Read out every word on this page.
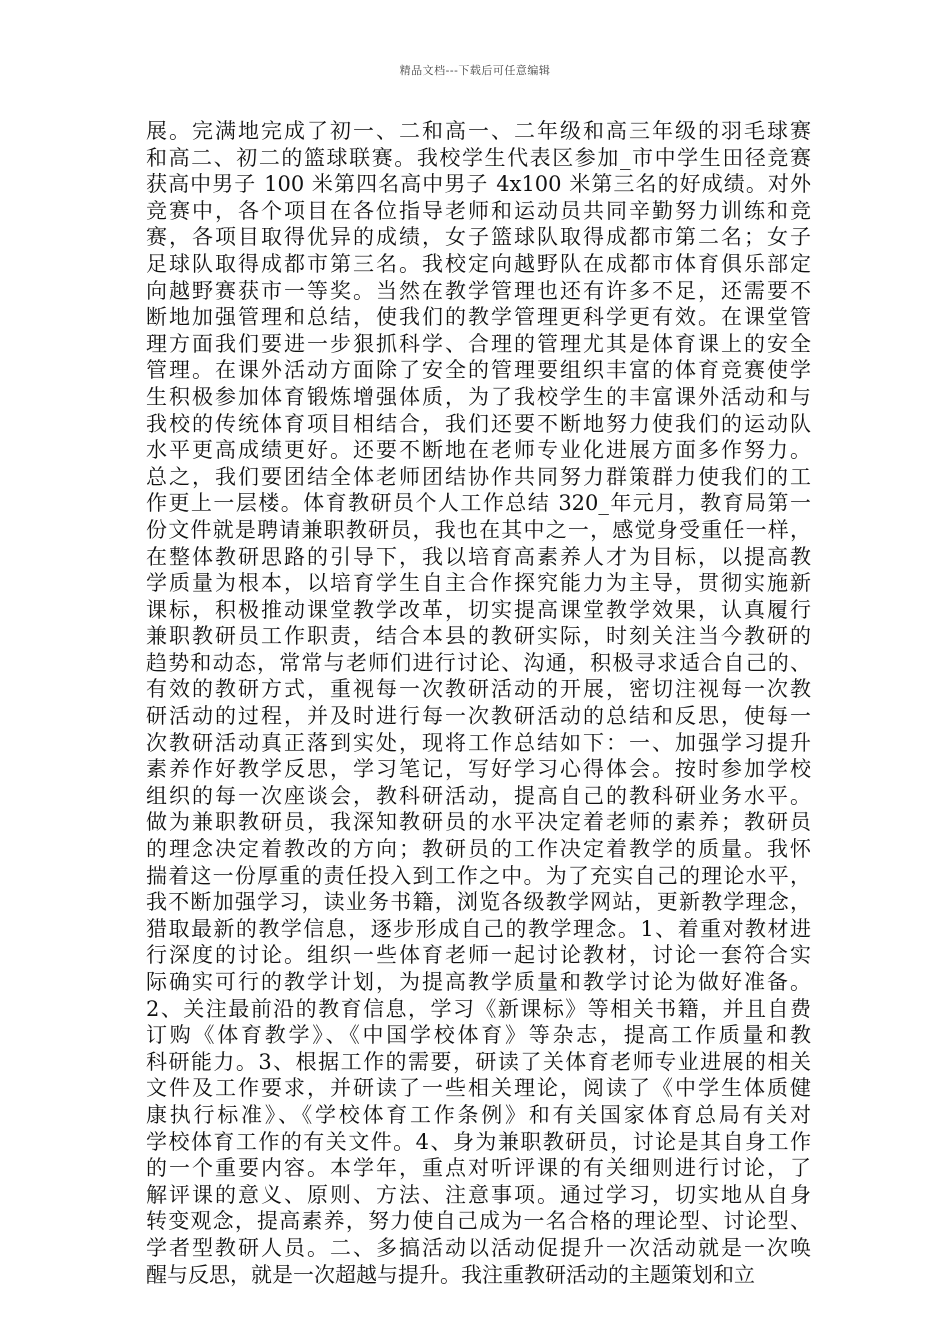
精品文档---下载后可任意编辑
展。完满地完成了初一、二和高一、二年级和高三年级的羽毛球赛
和高二、初二的篮球联赛。我校学生代表区参加_市中学生田径竞赛
获高中男子 100 米第四名高中男子 4x100 米第三名的好成绩。对外
竞赛中，各个项目在各位指导老师和运动员共同辛勤努力训练和竞
赛，各项目取得优异的成绩，女子篮球队取得成都市第二名；女子
足球队取得成都市第三名。我校定向越野队在成都市体育俱乐部定
向越野赛获市一等奖。当然在教学管理也还有许多不足，还需要不
断地加强管理和总结，使我们的教学管理更科学更有效。在课堂管
理方面我们要进一步狠抓科学、合理的管理尤其是体育课上的安全
管理。在课外活动方面除了安全的管理要组织丰富的体育竞赛使学
生积极参加体育锻炼增强体质，为了我校学生的丰富课外活动和与
我校的传统体育项目相结合，我们还要不断地努力使我们的运动队
水平更高成绩更好。还要不断地在老师专业化进展方面多作努力。
总之，我们要团结全体老师团结协作共同努力群策群力使我们的工
作更上一层楼。体育教研员个人工作总结 320_年元月，教育局第一
份文件就是聘请兼职教研员，我也在其中之一，感觉身受重任一样，
在整体教研思路的引导下，我以培育高素养人才为目标，以提高教
学质量为根本，以培育学生自主合作探究能力为主导，贯彻实施新
课标，积极推动课堂教学改革，切实提高课堂教学效果，认真履行
兼职教研员工作职责，结合本县的教研实际，时刻关注当今教研的
趋势和动态，常常与老师们进行讨论、沟通，积极寻求适合自己的、
有效的教研方式，重视每一次教研活动的开展，密切注视每一次教
研活动的过程，并及时进行每一次教研活动的总结和反思，使每一
次教研活动真正落到实处，现将工作总结如下：一、加强学习提升
素养作好教学反思，学习笔记，写好学习心得体会。按时参加学校
组织的每一次座谈会，教科研活动，提高自己的教科研业务水平。
做为兼职教研员，我深知教研员的水平决定着老师的素养；教研员
的理念决定着教改的方向；教研员的工作决定着教学的质量。我怀
揣着这一份厚重的责任投入到工作之中。为了充实自己的理论水平，
我不断加强学习，读业务书籍，浏览各级教学网站，更新教学理念，
猎取最新的教学信息，逐步形成自己的教学理念。1、着重对教材进
行深度的讨论。组织一些体育老师一起讨论教材，讨论一套符合实
际确实可行的教学计划，为提高教学质量和教学讨论为做好准备。
2、关注最前沿的教育信息，学习《新课标》等相关书籍，并且自费
订购《体育教学》、《中国学校体育》等杂志，提高工作质量和教
科研能力。3、根据工作的需要，研读了关体育老师专业进展的相关
文件及工作要求，并研读了一些相关理论，阅读了《中学生体质健
康执行标准》、《学校体育工作条例》和有关国家体育总局有关对
学校体育工作的有关文件。4、身为兼职教研员，讨论是其自身工作
的一个重要内容。本学年，重点对听评课的有关细则进行讨论，了
解评课的意义、原则、方法、注意事项。通过学习，切实地从自身
转变观念，提高素养，努力使自己成为一名合格的理论型、讨论型、
学者型教研人员。二、多搞活动以活动促提升一次活动就是一次唤
醒与反思，就是一次超越与提升。我注重教研活动的主题策划和立
